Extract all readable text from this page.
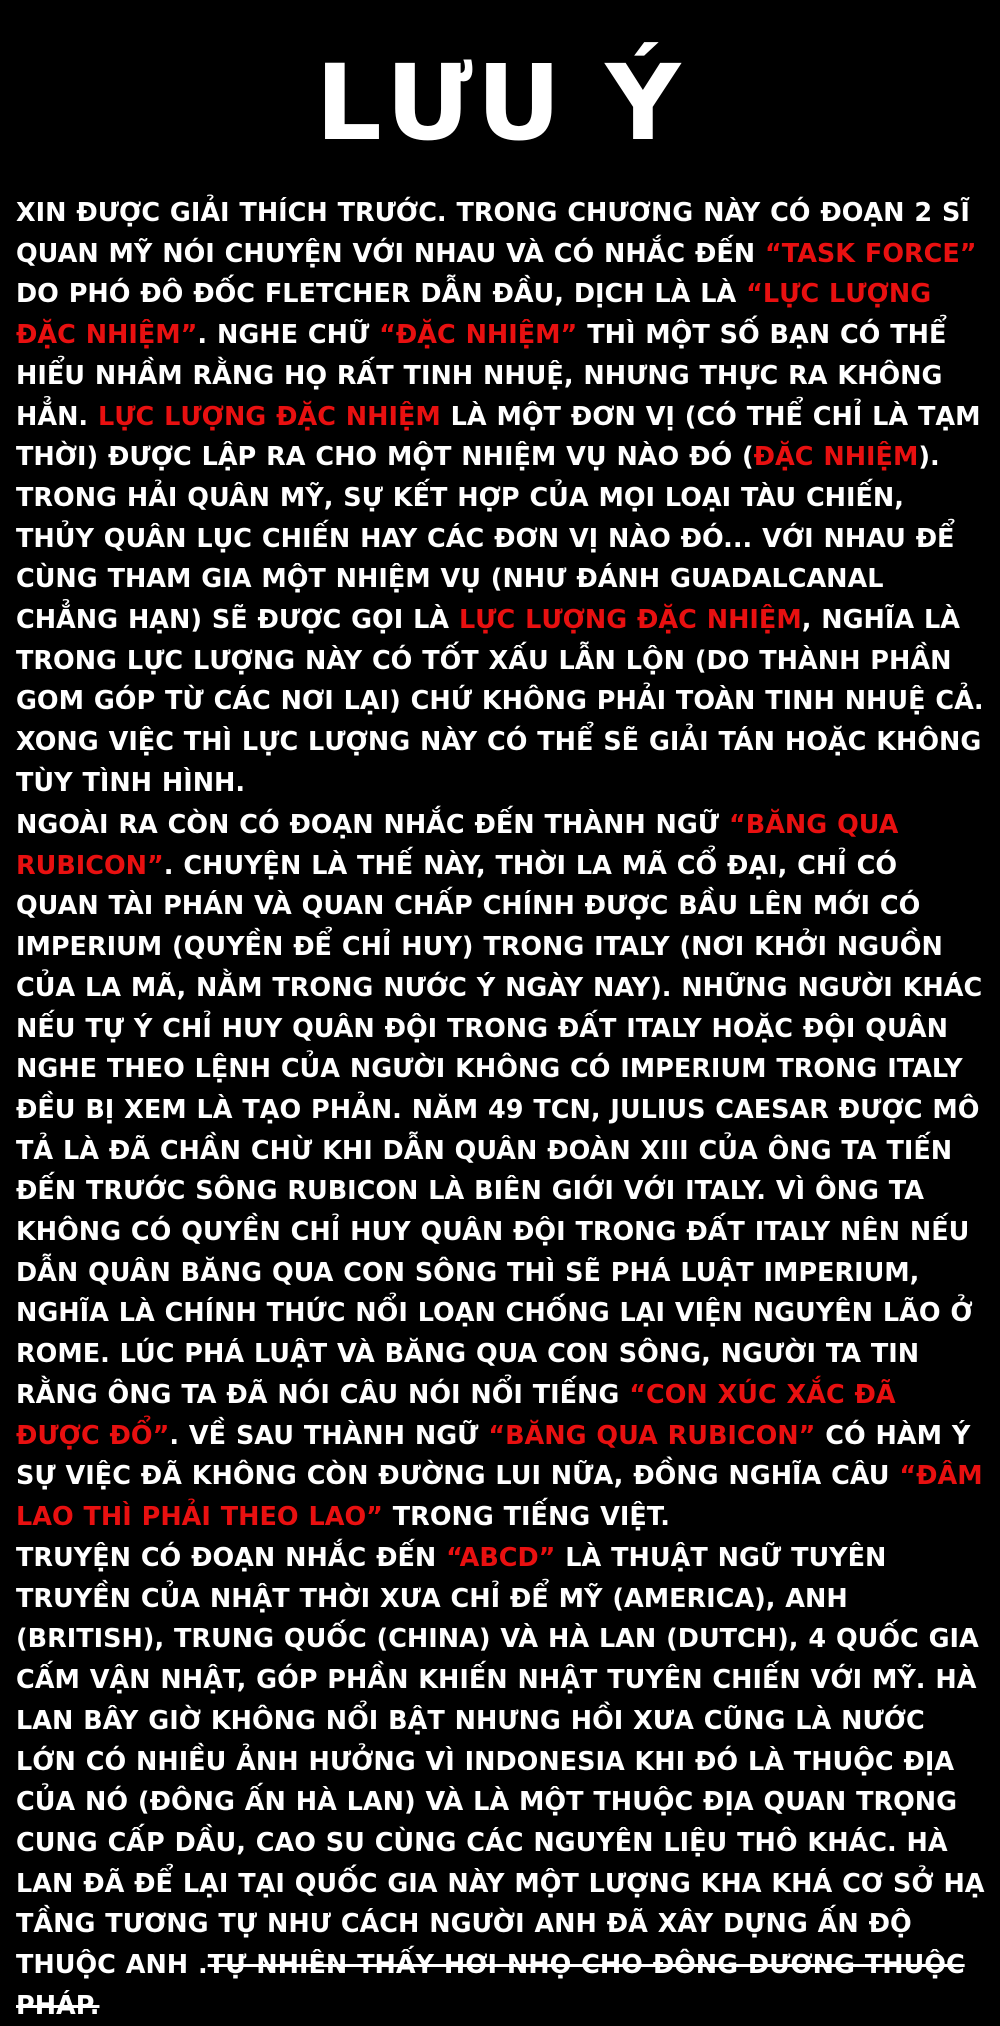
LƯU Ý

XIN ĐƯỢC GIẢI THÍCH TRƯỚC. TRONG CHƯƠNG NÀY CÓ ĐOẠN 2 SĨ QUAN MỸ NÓI CHUYỆN VỚI NHAU VÀ CÓ NHẮC ĐẾN “TASK FORCE” DO PHÓ ĐÔ ĐỐC FLETCHER DẪN ĐẦU, DỊCH LÀ LÀ “LỰC LƯỢNG ĐẶC NHIỆM”. NGHE CHỮ “ĐẶC NHIỆM” THÌ MỘT SỐ BẠN CÓ THỂ HIỂU NHẦM RẰNG HỌ RẤT TINH NHUỆ, NHƯNG THỰC RA KHÔNG HẲN. LỰC LƯỢNG ĐẶC NHIỆM LÀ MỘT ĐƠN VỊ (CÓ THỂ CHỈ LÀ TẠM THỜI) ĐƯỢC LẬP RA CHO MỘT NHIỆM VỤ NÀO ĐÓ (ĐẶC NHIỆM). TRONG HẢI QUÂN MỸ, SỰ KẾT HỢP CỦA MỌI LOẠI TÀU CHIẾN, THỦY QUÂN LỤC CHIẾN HAY CÁC ĐƠN VỊ NÀO ĐÓ... VỚI NHAU ĐỂ CÙNG THAM GIA MỘT NHIỆM VỤ (NHƯ ĐÁNH GUADALCANAL CHẲNG HẠN) SẼ ĐƯỢC GỌI LÀ LỰC LƯỢNG ĐẶC NHIỆM, NGHĨA LÀ TRONG LỰC LƯỢNG NÀY CÓ TỐT XẤU LẪN LỘN (DO THÀNH PHẦN GOM GÓP TỪ CÁC NƠI LẠI) CHỨ KHÔNG PHẢI TOÀN TINH NHUỆ CẢ. XONG VIỆC THÌ LỰC LƯỢNG NÀY CÓ THỂ SẼ GIẢI TÁN HOẶC KHÔNG TÙY TÌNH HÌNH.

NGOÀI RA CÒN CÓ ĐOẠN NHẮC ĐẾN THÀNH NGỮ “BĂNG QUA RUBICON”. CHUYỆN LÀ THẾ NÀY, THỜI LA MÃ CỔ ĐẠI, CHỈ CÓ QUAN TÀI PHÁN VÀ QUAN CHẤP CHÍNH ĐƯỢC BẦU LÊN MỚI CÓ IMPERIUM (QUYỀN ĐỂ CHỈ HUY) TRONG ITALY (NƠI KHỞI NGUỒN CỦA LA MÃ, NẰM TRONG NƯỚC Ý NGÀY NAY). NHỮNG NGƯỜI KHÁC NẾU TỰ Ý CHỈ HUY QUÂN ĐỘI TRONG ĐẤT ITALY HOẶC ĐỘI QUÂN NGHE THEO LỆNH CỦA NGƯỜI KHÔNG CÓ IMPERIUM TRONG ITALY ĐỀU BỊ XEM LÀ TẠO PHẢN. NĂM 49 TCN, JULIUS CAESAR ĐƯỢC MÔ TẢ LÀ ĐÃ CHẦN CHỪ KHI DẪN QUÂN ĐOÀN XIII CỦA ÔNG TA TIẾN ĐẾN TRƯỚC SÔNG RUBICON LÀ BIÊN GIỚI VỚI ITALY. VÌ ÔNG TA KHÔNG CÓ QUYỀN CHỈ HUY QUÂN ĐỘI TRONG ĐẤT ITALY NÊN NẾU DẪN QUÂN BĂNG QUA CON SÔNG THÌ SẼ PHÁ LUẬT IMPERIUM, NGHĨA LÀ CHÍNH THỨC NỔI LOẠN CHỐNG LẠI VIỆN NGUYÊN LÃO Ở ROME. LÚC PHÁ LUẬT VÀ BĂNG QUA CON SÔNG, NGƯỜI TA TIN RẰNG ÔNG TA ĐÃ NÓI CÂU NÓI NỔI TIẾNG “CON XÚC XẮC ĐÃ ĐƯỢC ĐỔ”. VỀ SAU THÀNH NGỮ “BĂNG QUA RUBICON” CÓ HÀM Ý SỰ VIỆC ĐÃ KHÔNG CÒN ĐƯỜNG LUI NỮA, ĐỒNG NGHĨA CÂU “ĐÂM LAO THÌ PHẢI THEO LAO” TRONG TIẾNG VIỆT.

TRUYỆN CÓ ĐOẠN NHẮC ĐẾN “ABCD” LÀ THUẬT NGỮ TUYÊN TRUYỀN CỦA NHẬT THỜI XƯA CHỈ ĐỂ MỸ (AMERICA), ANH (BRITISH), TRUNG QUỐC (CHINA) VÀ HÀ LAN (DUTCH), 4 QUỐC GIA CẤM VẬN NHẬT, GÓP PHẦN KHIẾN NHẬT TUYÊN CHIẾN VỚI MỸ. HÀ LAN BÂY GIỜ KHÔNG NỔI BẬT NHƯNG HỒI XƯA CŨNG LÀ NƯỚC LỚN CÓ NHIỀU ẢNH HƯỞNG VÌ INDONESIA KHI ĐÓ LÀ THUỘC ĐỊA CỦA NÓ (ĐÔNG ẤN HÀ LAN) VÀ LÀ MỘT THUỘC ĐỊA QUAN TRỌNG CUNG CẤP DẦU, CAO SU CÙNG CÁC NGUYÊN LIỆU THÔ KHÁC. HÀ LAN ĐÃ ĐỂ LẠI TẠI QUỐC GIA NÀY MỘT LƯỢNG KHA KHÁ CƠ SỞ HẠ TẦNG TƯƠNG TỰ NHƯ CÁCH NGƯỜI ANH ĐÃ XÂY DỰNG ẤN ĐỘ THUỘC ANH .TỰ NHIÊN THẤY HƠI NHỌ CHO ĐÔNG DƯƠNG THUỘC PHÁP.
